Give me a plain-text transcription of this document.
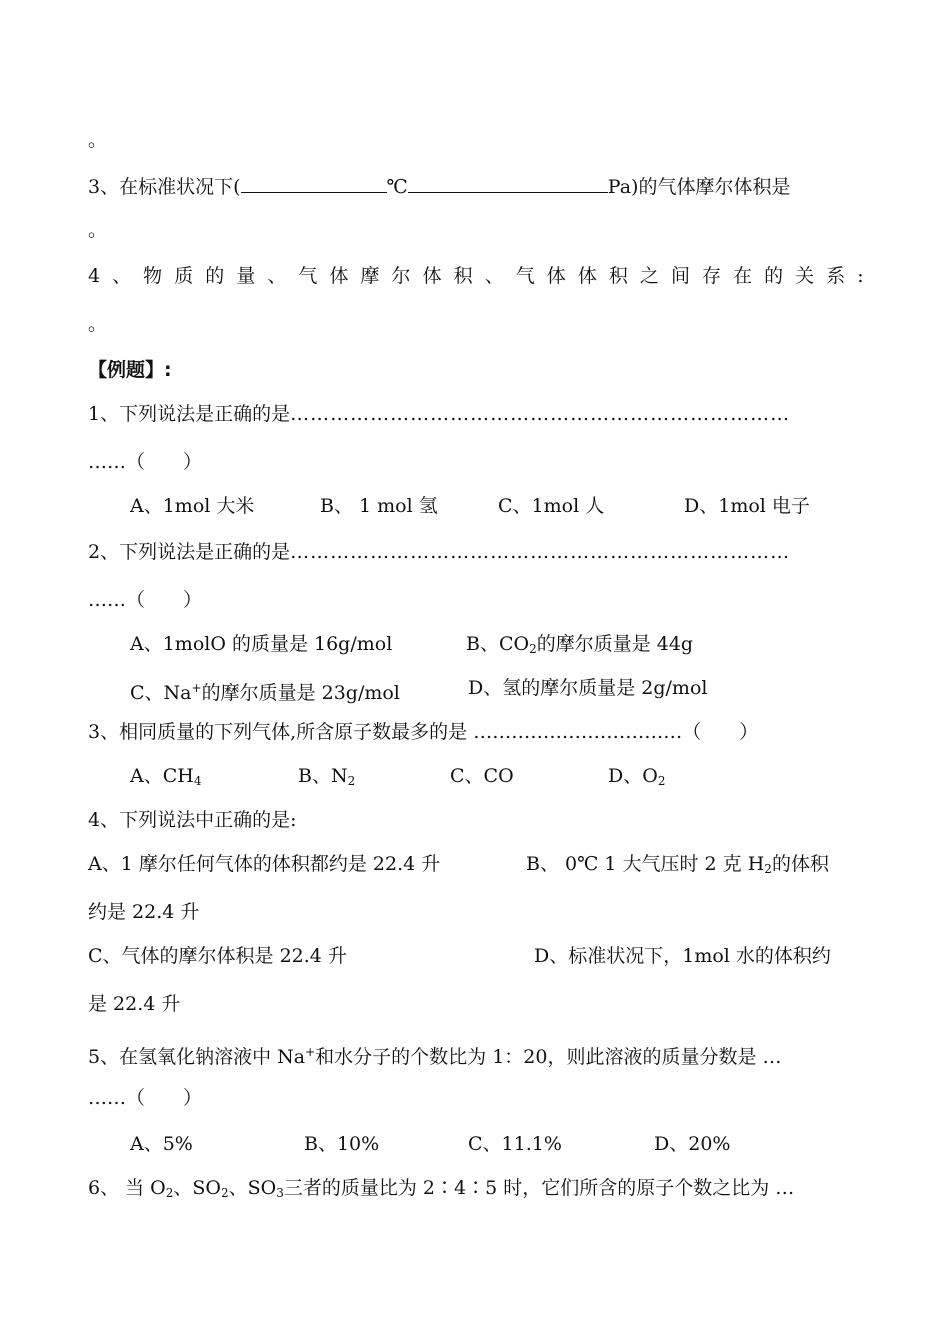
。
3、在标准状况下(	℃	Pa)的气体摩尔体积是
。
4 、 物 质 的 量 、 气 体 摩 尔 体 积 、 气 体 体 积 之 间 存 在 的 关 系 :
。
【例题】:
1、下列说法是正确的是…………………………………………………………………
……（　　）
A、1mol 大米	B、 1 mol 氢	C、1mol 人	D、1mol 电子
2、下列说法是正确的是…………………………………………………………………
……（　　）
A、1molO 的质量是 16g/mol	B、$CO_2$的摩尔质量是 44g
C、Na+的摩尔质量是 23g/mol	D、氢的摩尔质量是 2g/mol
3、相同质量的下列气体,所含原子数最多的是 ……………………………（　　）
A、$CH_4$	B、$N_2$	C、CO	D、$O_2$
4、下列说法中正确的是:
A、1 摩尔任何气体的体积都约是 22.4 升	B、 0℃ 1 大气压时 2 克 $H_2$的体积
约是 22.4 升
C、气体的摩尔体积是 22.4 升	D、标准状况下，1mol 水的体积约
是 22.4 升
5、在氢氧化钠溶液中 Na+和水分子的个数比为 1：20，则此溶液的质量分数是 …
……（　　）
A、5%	B、10%	C、11.1%	D、20%
6、 当 $O_2$、$SO_2$、$SO_3$三者的质量比为 2∶4∶5 时，它们所含的原子个数之比为 …
